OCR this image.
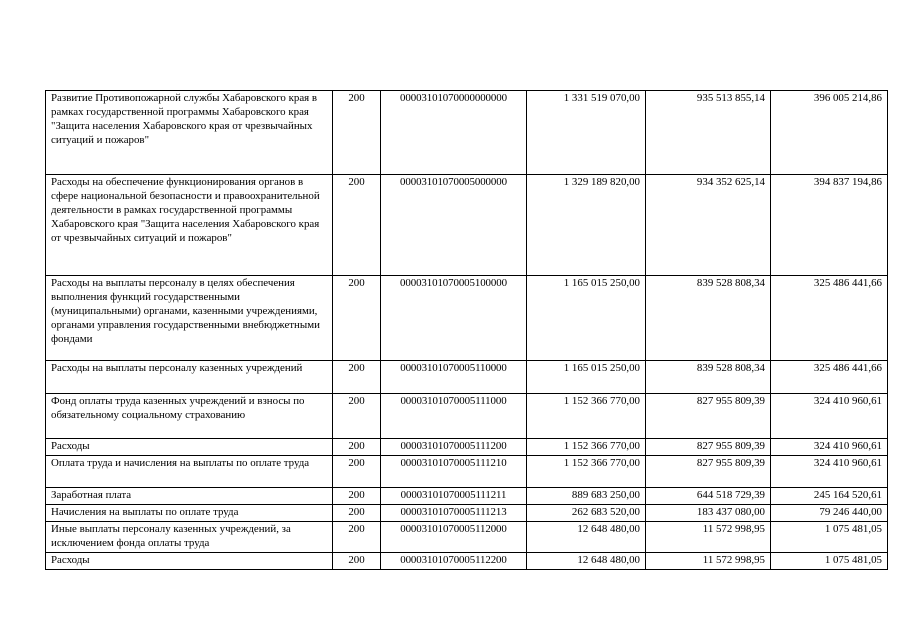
Развитие Противопожарной службы Хабаровского края в рамках государственной программы Хабаровского края "Защита населения Хабаровского края от чрезвычайных ситуаций и пожаров"	200	00003101070000000000	1 331 519 070,00	935 513 855,14	396 005 214,86
Расходы на обеспечение функционирования органов в сфере национальной безопасности и правоохранительной деятельности в рамках государственной программы Хабаровского края "Защита населения Хабаровского края от чрезвычайных ситуаций и пожаров"	200	00003101070005000000	1 329 189 820,00	934 352 625,14	394 837 194,86
Расходы на выплаты персоналу в целях обеспечения выполнения функций государственными (муниципальными) органами, казенными учреждениями, органами управления государственными внебюджетными фондами	200	00003101070005100000	1 165 015 250,00	839 528 808,34	325 486 441,66
Расходы на выплаты персоналу казенных учреждений	200	00003101070005110000	1 165 015 250,00	839 528 808,34	325 486 441,66
Фонд оплаты труда казенных учреждений и взносы по обязательному социальному страхованию	200	00003101070005111000	1 152 366 770,00	827 955 809,39	324 410 960,61
Расходы	200	00003101070005111200	1 152 366 770,00	827 955 809,39	324 410 960,61
Оплата труда и начисления на выплаты по оплате труда	200	00003101070005111210	1 152 366 770,00	827 955 809,39	324 410 960,61
Заработная плата	200	00003101070005111211	889 683 250,00	644 518 729,39	245 164 520,61
Начисления на выплаты по оплате труда	200	00003101070005111213	262 683 520,00	183 437 080,00	79 246 440,00
Иные выплаты персоналу казенных учреждений, за исключением фонда оплаты труда	200	00003101070005112000	12 648 480,00	11 572 998,95	1 075 481,05
Расходы	200	00003101070005112200	12 648 480,00	11 572 998,95	1 075 481,05
